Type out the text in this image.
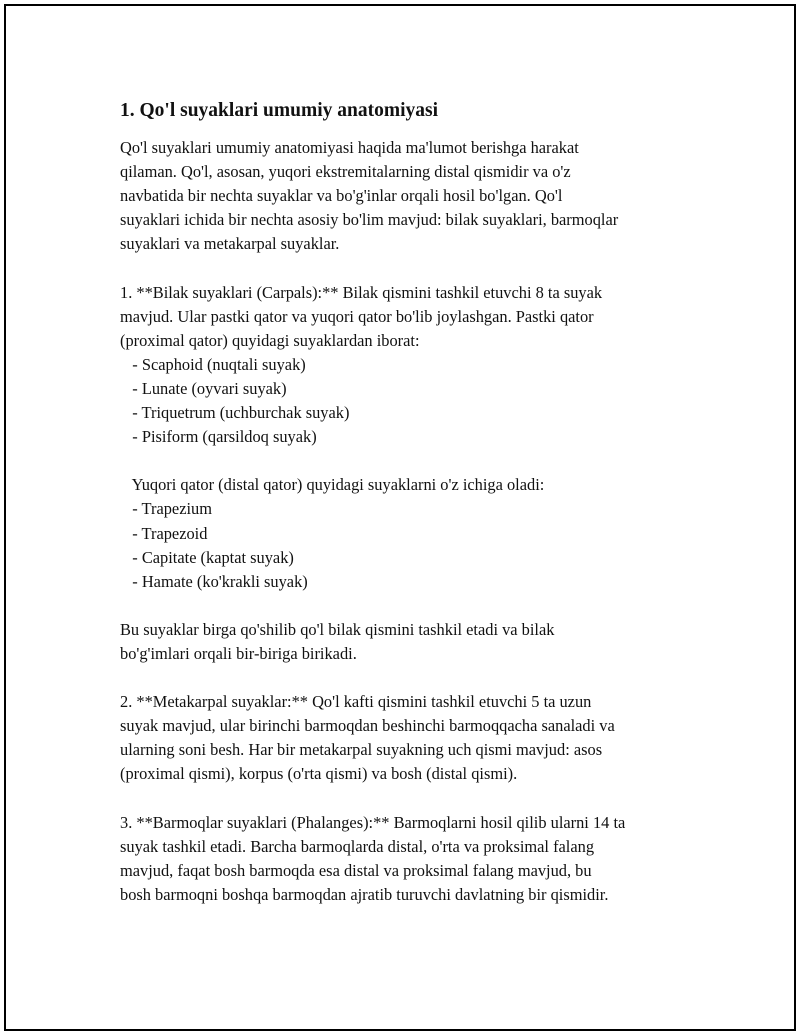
1. Qo'l suyaklari umumiy anatomiyasi
Qo'l suyaklari umumiy anatomiyasi haqida ma'lumot berishga harakat
qilaman. Qo'l, asosan, yuqori ekstremitalarning distal qismidir va o'z
navbatida bir nechta suyaklar va bo'g'inlar orqali hosil bo'lgan. Qo'l
suyaklari ichida bir nechta asosiy bo'lim mavjud: bilak suyaklari, barmoqlar
suyaklari va metakarpal suyaklar.
1. **Bilak suyaklari (Carpals):** Bilak qismini tashkil etuvchi 8 ta suyak
mavjud. Ular pastki qator va yuqori qator bo'lib joylashgan. Pastki qator
(proximal qator) quyidagi suyaklardan iborat:
- Scaphoid (nuqtali suyak)
- Lunate (oyvari suyak)
- Triquetrum (uchburchak suyak)
- Pisiform (qarsildoq suyak)
Yuqori qator (distal qator) quyidagi suyaklarni o'z ichiga oladi:
- Trapezium
- Trapezoid
- Capitate (kaptat suyak)
- Hamate (ko'krakli suyak)
Bu suyaklar birga qo'shilib qo'l bilak qismini tashkil etadi va bilak
bo'g'imlari orqali bir-biriga birikadi.
2. **Metakarpal suyaklar:** Qo'l kafti qismini tashkil etuvchi 5 ta uzun
suyak mavjud, ular birinchi barmoqdan beshinchi barmoqqacha sanaladi va
ularning soni besh. Har bir metakarpal suyakning uch qismi mavjud: asos
(proximal qismi), korpus (o'rta qismi) va bosh (distal qismi).
3. **Barmoqlar suyaklari (Phalanges):** Barmoqlarni hosil qilib ularni 14 ta
suyak tashkil etadi. Barcha barmoqlarda distal, o'rta va proksimal falang
mavjud, faqat bosh barmoqda esa distal va proksimal falang mavjud, bu
bosh barmoqni boshqa barmoqdan ajratib turuvchi davlatning bir qismidir.
